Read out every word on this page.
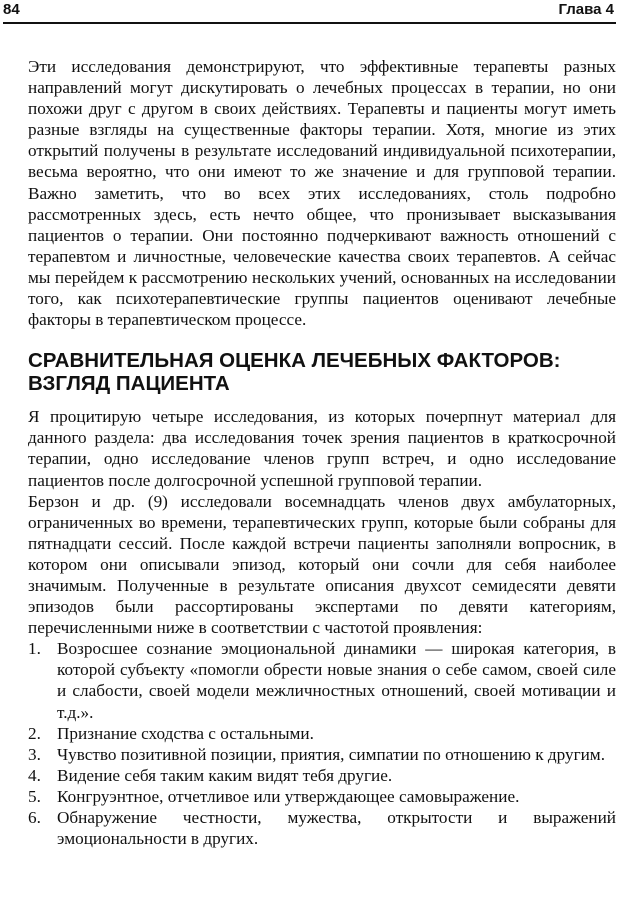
84	Глава 4

Эти исследования демонстрируют, что эффективные терапевты разных направлений могут дискутировать о лечебных процессах в терапии, но они похожи друг с другом в своих действиях. Терапевты и пациенты могут иметь разные взгляды на существенные факторы терапии. Хотя, многие из этих открытий получены в результате исследований индивидуальной психотерапии, весьма вероятно, что они имеют то же значение и для групповой терапии. Важно заметить, что во всех этих исследованиях, столь подробно рассмотренных здесь, есть нечто общее, что пронизывает высказывания пациентов о терапии. Они постоянно подчеркивают важность отношений с терапевтом и личностные, человеческие качества своих терапевтов. А сейчас мы перейдем к рассмотрению нескольких учений, основанных на исследовании того, как психотерапевтические группы пациентов оценивают лечебные факторы в терапевтическом процессе.

СРАВНИТЕЛЬНАЯ ОЦЕНКА ЛЕЧЕБНЫХ ФАКТОРОВ: ВЗГЛЯД ПАЦИЕНТА

Я процитирую четыре исследования, из которых почерпнут материал для данного раздела: два исследования точек зрения пациентов в краткосрочной терапии, одно исследование членов групп встреч, и одно исследование пациентов после долгосрочной успешной групповой терапии.

Берзон и др. (9) исследовали восемнадцать членов двух амбулаторных, ограниченных во времени, терапевтических групп, которые были собраны для пятнадцати сессий. После каждой встречи пациенты заполняли вопросник, в котором они описывали эпизод, который они сочли для себя наиболее значимым. Полученные в результате описания двухсот семидесяти девяти эпизодов были рассортированы экспертами по девяти категориям, перечисленными ниже в соответствии с частотой проявления:

1. Возросшее сознание эмоциональной динамики — широкая категория, в которой субъекту «помогли обрести новые знания о себе самом, своей силе и слабости, своей модели межличностных отношений, своей мотивации и т.д.».
2. Признание сходства с остальными.
3. Чувство позитивной позиции, приятия, симпатии по отношению к другим.
4. Видение себя таким каким видят тебя другие.
5. Конгруэнтное, отчетливое или утверждающее самовыражение.
6. Обнаружение честности, мужества, открытости и выражений эмоциональности в других.
